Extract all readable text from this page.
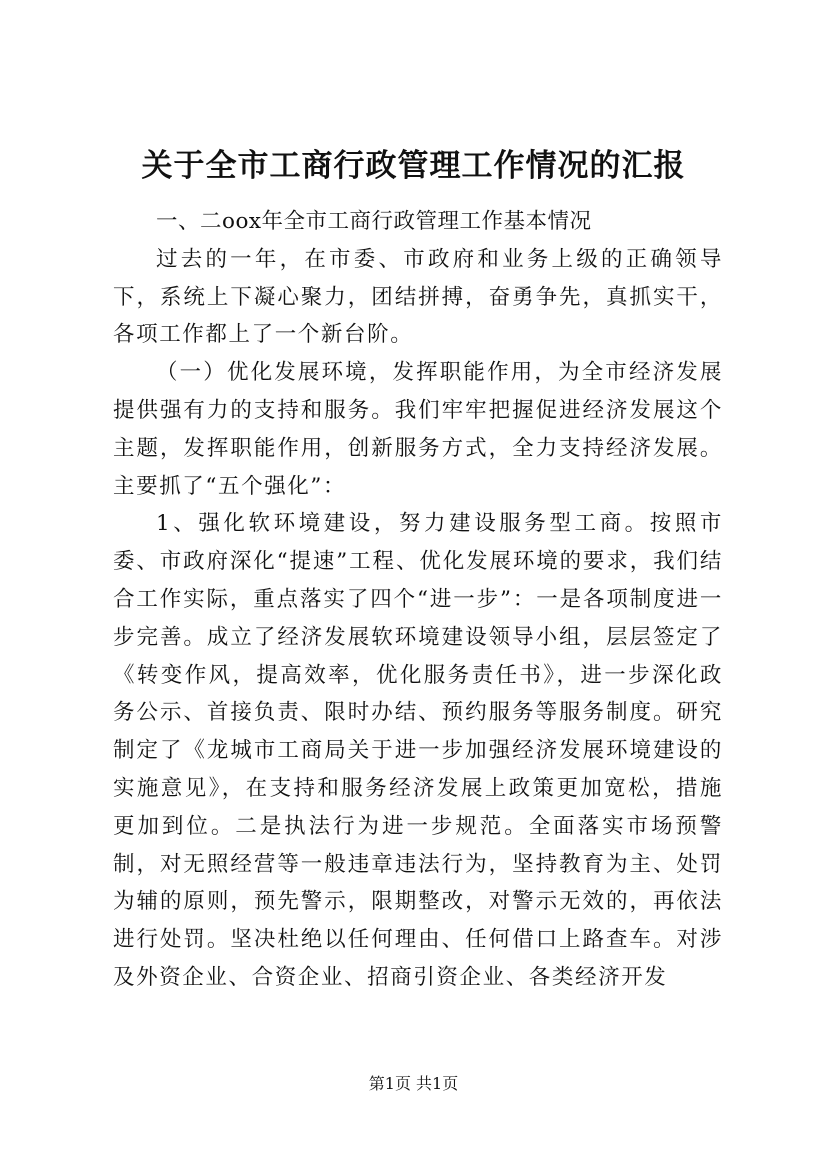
关于全市工商行政管理工作情况的汇报

一、二oox年全市工商行政管理工作基本情况

过去的一年，在市委、市政府和业务上级的正确领导下，系统上下凝心聚力，团结拼搏，奋勇争先，真抓实干，各项工作都上了一个新台阶。

（一）优化发展环境，发挥职能作用，为全市经济发展提供强有力的支持和服务。我们牢牢把握促进经济发展这个主题，发挥职能作用，创新服务方式，全力支持经济发展。主要抓了“五个强化”：

1、强化软环境建设，努力建设服务型工商。按照市委、市政府深化“提速”工程、优化发展环境的要求，我们结合工作实际，重点落实了四个“进一步”：一是各项制度进一步完善。成立了经济发展软环境建设领导小组，层层签定了《转变作风，提高效率，优化服务责任书》，进一步深化政务公示、首接负责、限时办结、预约服务等服务制度。研究制定了《龙城市工商局关于进一步加强经济发展环境建设的实施意见》，在支持和服务经济发展上政策更加宽松，措施更加到位。二是执法行为进一步规范。全面落实市场预警制，对无照经营等一般违章违法行为，坚持教育为主、处罚为辅的原则，预先警示，限期整改，对警示无效的，再依法进行处罚。坚决杜绝以任何理由、任何借口上路查车。对涉及外资企业、合资企业、招商引资企业、各类经济开发

第1页 共1页
